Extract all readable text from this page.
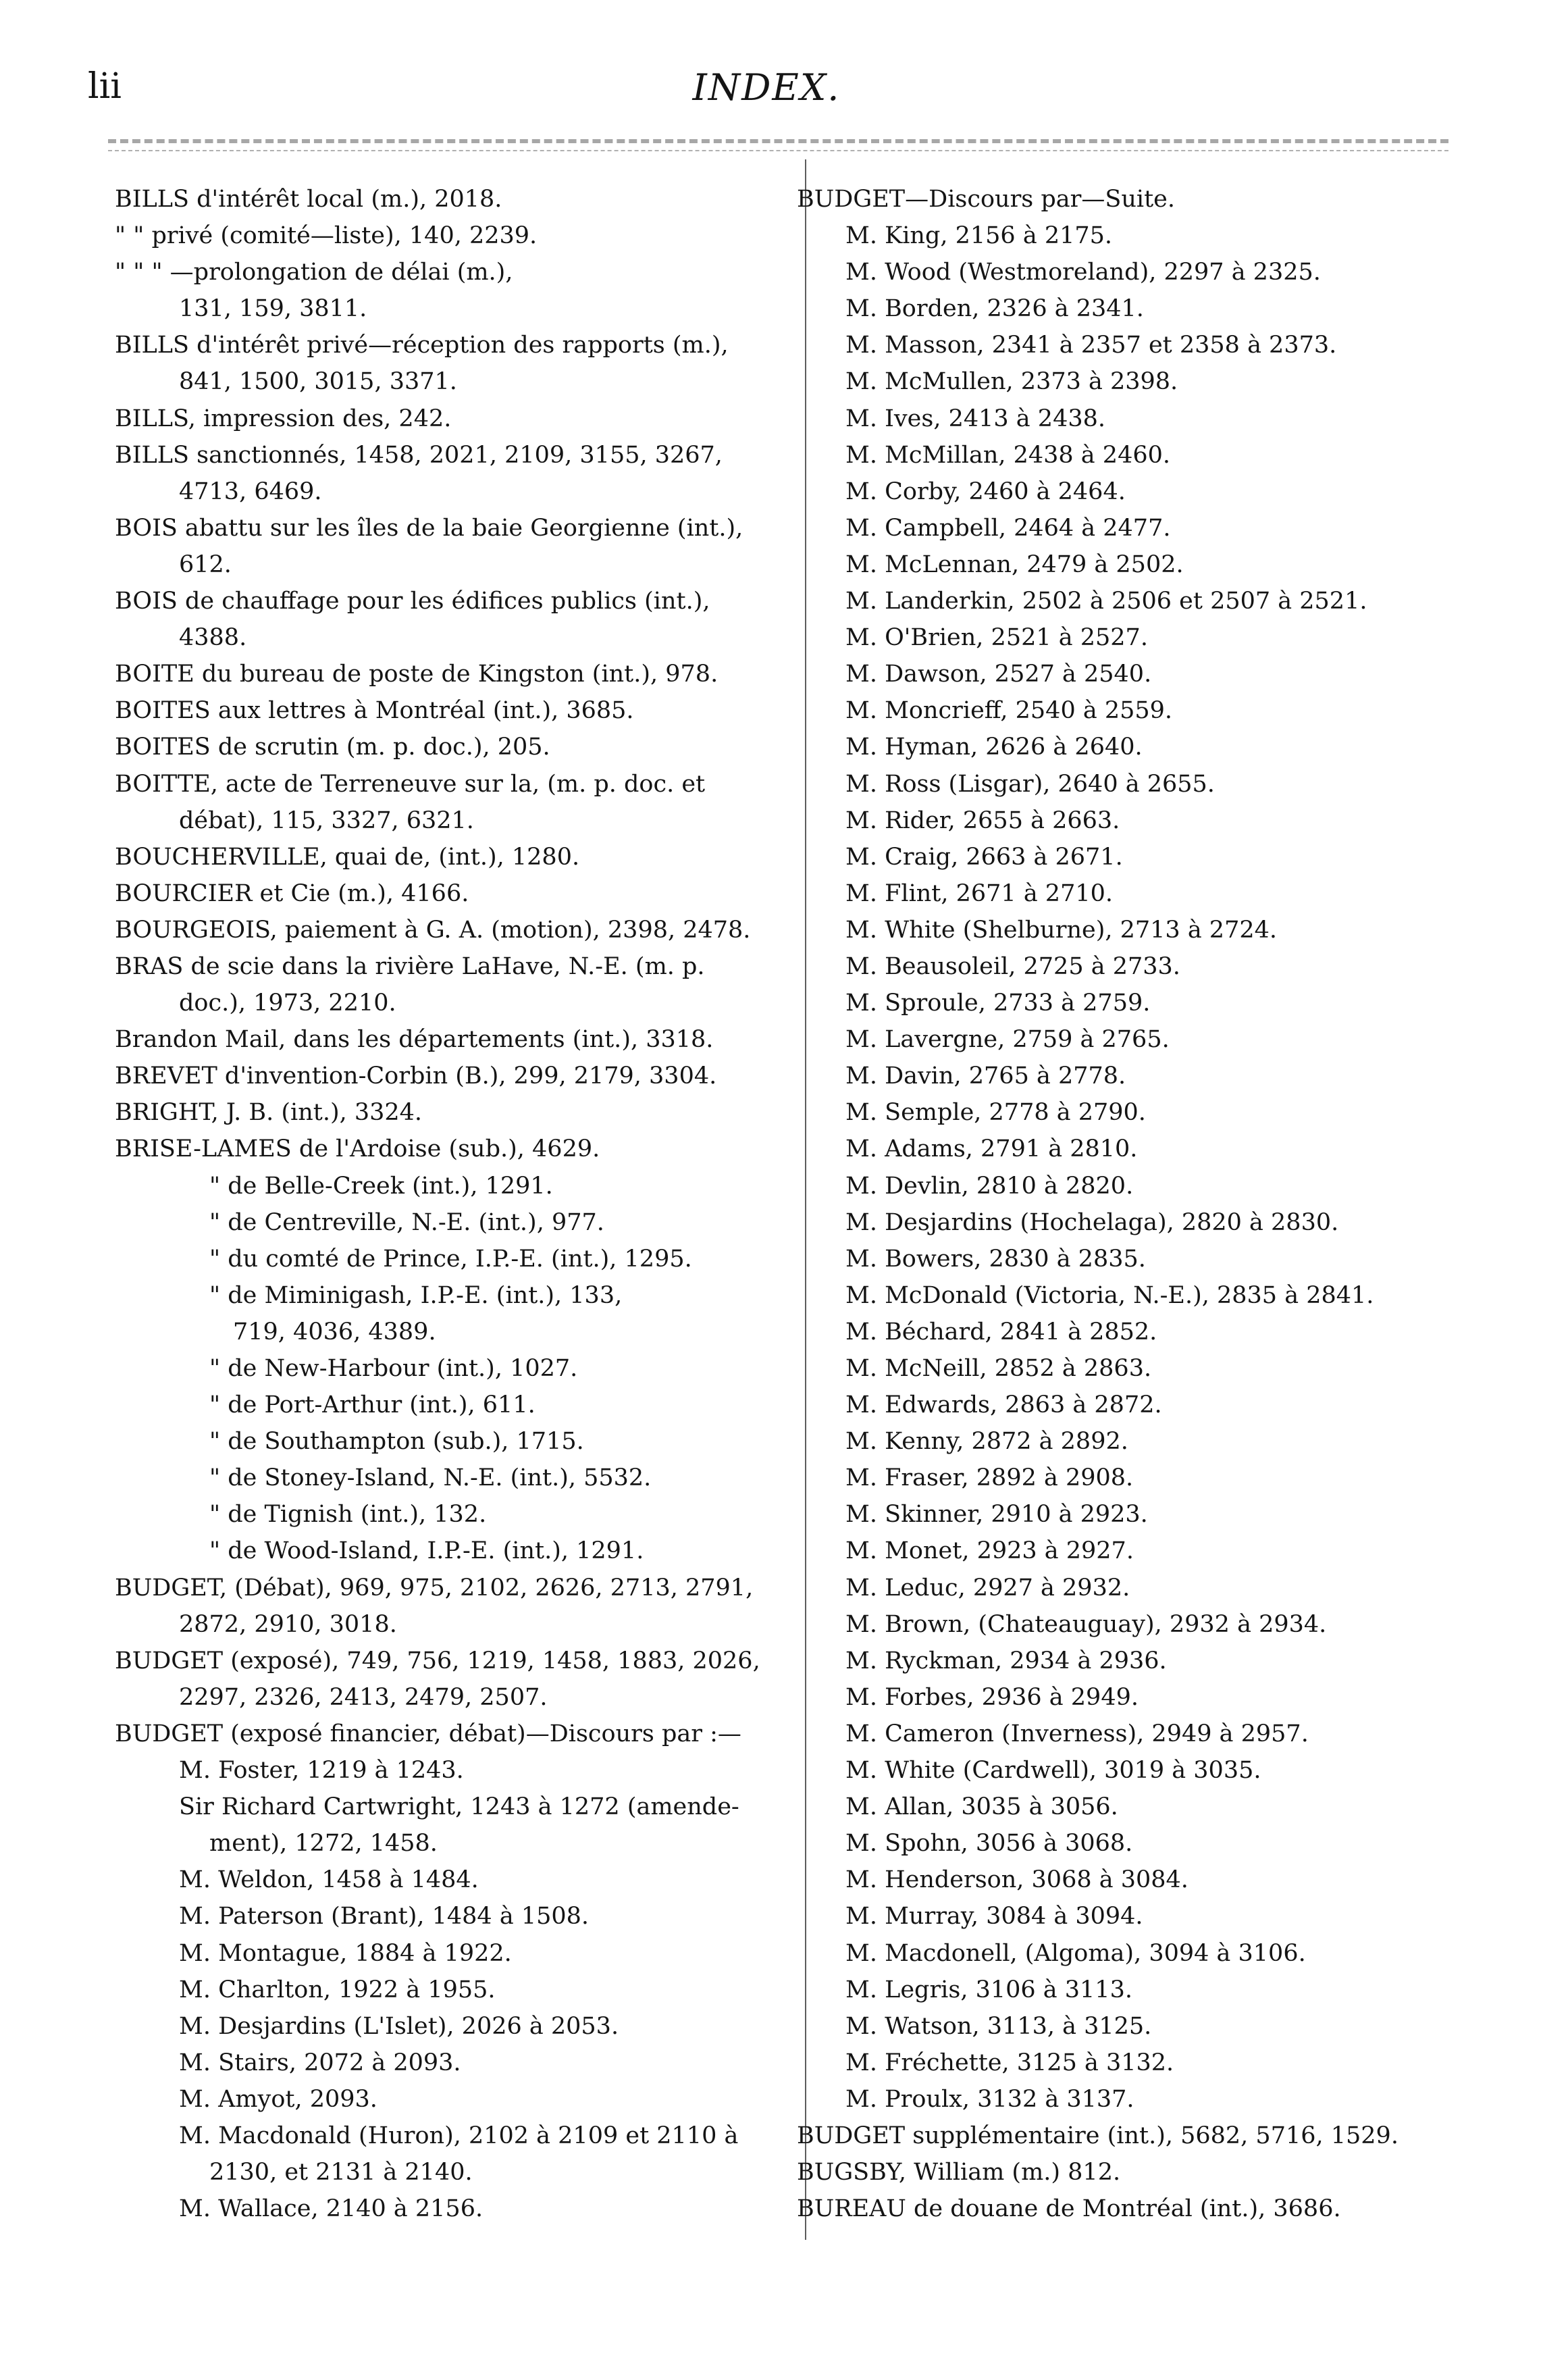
lii	INDEX.
BILLS d'intérêt local (m.), 2018.
" " privé (comité—liste), 140, 2239.
" " " —prolongation de délai (m.),
131, 159, 3811.
BILLS d'intérêt privé—réception des rapports (m.),
841, 1500, 3015, 3371.
BILLS, impression des, 242.
BILLS sanctionnés, 1458, 2021, 2109, 3155, 3267,
4713, 6469.
BOIS abattu sur les îles de la baie Georgienne (int.),
612.
BOIS de chauffage pour les édifices publics (int.),
4388.
BOITE du bureau de poste de Kingston (int.), 978.
BOITES aux lettres à Montréal (int.), 3685.
BOITES de scrutin (m. p. doc.), 205.
BOITTE, acte de Terreneuve sur la, (m. p. doc. et
débat), 115, 3327, 6321.
BOUCHERVILLE, quai de, (int.), 1280.
BOURCIER et Cie (m.), 4166.
BOURGEOIS, paiement à G. A. (motion), 2398, 2478.
BRAS de scie dans la rivière LaHave, N.-E. (m. p.
doc.), 1973, 2210.
Brandon Mail, dans les départements (int.), 3318.
BREVET d'invention-Corbin (B.), 299, 2179, 3304.
BRIGHT, J. B. (int.), 3324.
BRISE-LAMES de l'Ardoise (sub.), 4629.
" de Belle-Creek (int.), 1291.
" de Centreville, N.-E. (int.), 977.
" du comté de Prince, I.P.-E. (int.), 1295.
" de Miminigash, I.P.-E. (int.), 133,
719, 4036, 4389.
" de New-Harbour (int.), 1027.
" de Port-Arthur (int.), 611.
" de Southampton (sub.), 1715.
" de Stoney-Island, N.-E. (int.), 5532.
" de Tignish (int.), 132.
" de Wood-Island, I.P.-E. (int.), 1291.
BUDGET, (Débat), 969, 975, 2102, 2626, 2713, 2791,
2872, 2910, 3018.
BUDGET (exposé), 749, 756, 1219, 1458, 1883, 2026,
2297, 2326, 2413, 2479, 2507.
BUDGET (exposé financier, débat)—Discours par :—
M. Foster, 1219 à 1243.
Sir Richard Cartwright, 1243 à 1272 (amende-
ment), 1272, 1458.
M. Weldon, 1458 à 1484.
M. Paterson (Brant), 1484 à 1508.
M. Montague, 1884 à 1922.
M. Charlton, 1922 à 1955.
M. Desjardins (L'Islet), 2026 à 2053.
M. Stairs, 2072 à 2093.
M. Amyot, 2093.
M. Macdonald (Huron), 2102 à 2109 et 2110 à
2130, et 2131 à 2140.
M. Wallace, 2140 à 2156.
BUDGET—Discours par—Suite.
M. King, 2156 à 2175.
M. Wood (Westmoreland), 2297 à 2325.
M. Borden, 2326 à 2341.
M. Masson, 2341 à 2357 et 2358 à 2373.
M. McMullen, 2373 à 2398.
M. Ives, 2413 à 2438.
M. McMillan, 2438 à 2460.
M. Corby, 2460 à 2464.
M. Campbell, 2464 à 2477.
M. McLennan, 2479 à 2502.
M. Landerkin, 2502 à 2506 et 2507 à 2521.
M. O'Brien, 2521 à 2527.
M. Dawson, 2527 à 2540.
M. Moncrieff, 2540 à 2559.
M. Hyman, 2626 à 2640.
M. Ross (Lisgar), 2640 à 2655.
M. Rider, 2655 à 2663.
M. Craig, 2663 à 2671.
M. Flint, 2671 à 2710.
M. White (Shelburne), 2713 à 2724.
M. Beausoleil, 2725 à 2733.
M. Sproule, 2733 à 2759.
M. Lavergne, 2759 à 2765.
M. Davin, 2765 à 2778.
M. Semple, 2778 à 2790.
M. Adams, 2791 à 2810.
M. Devlin, 2810 à 2820.
M. Desjardins (Hochelaga), 2820 à 2830.
M. Bowers, 2830 à 2835.
M. McDonald (Victoria, N.-E.), 2835 à 2841.
M. Béchard, 2841 à 2852.
M. McNeill, 2852 à 2863.
M. Edwards, 2863 à 2872.
M. Kenny, 2872 à 2892.
M. Fraser, 2892 à 2908.
M. Skinner, 2910 à 2923.
M. Monet, 2923 à 2927.
M. Leduc, 2927 à 2932.
M. Brown, (Chateauguay), 2932 à 2934.
M. Ryckman, 2934 à 2936.
M. Forbes, 2936 à 2949.
M. Cameron (Inverness), 2949 à 2957.
M. White (Cardwell), 3019 à 3035.
M. Allan, 3035 à 3056.
M. Spohn, 3056 à 3068.
M. Henderson, 3068 à 3084.
M. Murray, 3084 à 3094.
M. Macdonell, (Algoma), 3094 à 3106.
M. Legris, 3106 à 3113.
M. Watson, 3113, à 3125.
M. Fréchette, 3125 à 3132.
M. Proulx, 3132 à 3137.
BUDGET supplémentaire (int.), 5682, 5716, 1529.
BUGSBY, William (m.) 812.
BUREAU de douane de Montréal (int.), 3686.
